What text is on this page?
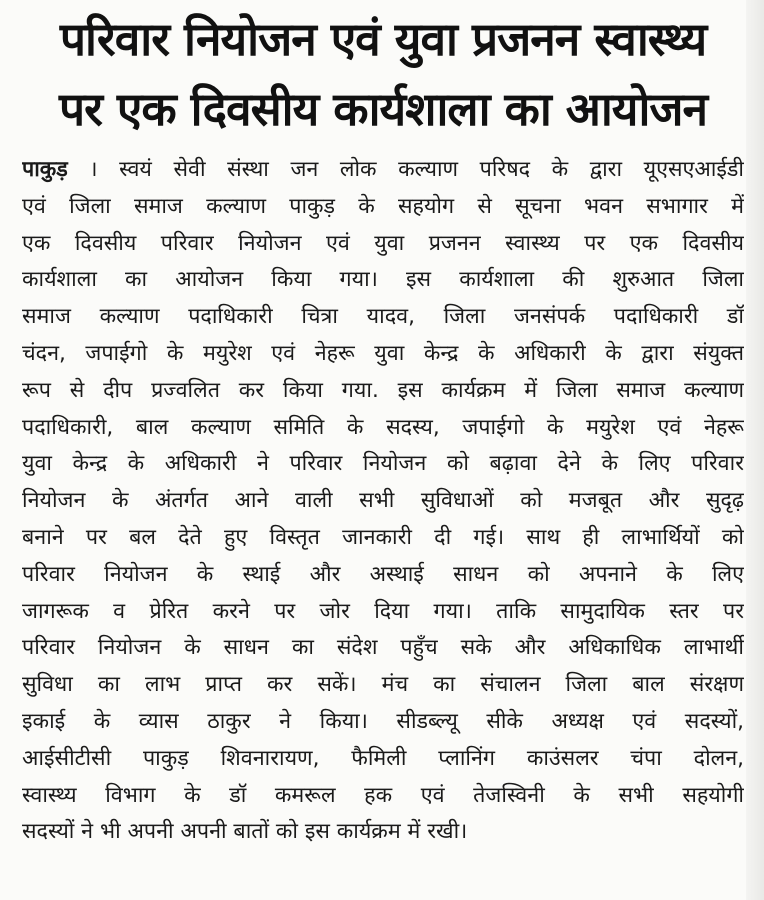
परिवार नियोजन एवं युवा प्रजनन स्वास्थ्य
पर एक दिवसीय कार्यशाला का आयोजन
पाकुड़ । स्वयं सेवी संस्था जन लोक कल्याण परिषद के द्वारा यूएसएआईडी
एवं जिला समाज कल्याण पाकुड़ के सहयोग से सूचना भवन सभागार में
एक दिवसीय परिवार नियोजन एवं युवा प्रजनन स्वास्थ्य पर एक दिवसीय
कार्यशाला का आयोजन किया गया। इस कार्यशाला की शुरुआत जिला
समाज कल्याण पदाधिकारी चित्रा यादव, जिला जनसंपर्क पदाधिकारी डॉ
चंदन, जपाईगो के मयुरेश एवं नेहरू युवा केन्द्र के अधिकारी के द्वारा संयुक्त
रूप से दीप प्रज्वलित कर किया गया. इस कार्यक्रम में जिला समाज कल्याण
पदाधिकारी, बाल कल्याण समिति के सदस्य, जपाईगो के मयुरेश एवं नेहरू
युवा केन्द्र के अधिकारी ने परिवार नियोजन को बढ़ावा देने के लिए परिवार
नियोजन के अंतर्गत आने वाली सभी सुविधाओं को मजबूत और सुदृढ़
बनाने पर बल देते हुए विस्तृत जानकारी दी गई। साथ ही लाभार्थियों को
परिवार नियोजन के स्थाई और अस्थाई साधन को अपनाने के लिए
जागरूक व प्रेरित करने पर जोर दिया गया। ताकि सामुदायिक स्तर पर
परिवार नियोजन के साधन का संदेश पहुँच सके और अधिकाधिक लाभार्थी
सुविधा का लाभ प्राप्त कर सकें। मंच का संचालन जिला बाल संरक्षण
इकाई के व्यास ठाकुर ने किया। सीडब्ल्यू सीके अध्यक्ष एवं सदस्यों,
आईसीटीसी पाकुड़ शिवनारायण, फैमिली प्लानिंग काउंसलर चंपा दोलन,
स्वास्थ्य विभाग के डॉ कमरूल हक एवं तेजस्विनी के सभी सहयोगी
सदस्यों ने भी अपनी अपनी बातों को इस कार्यक्रम में रखी।
